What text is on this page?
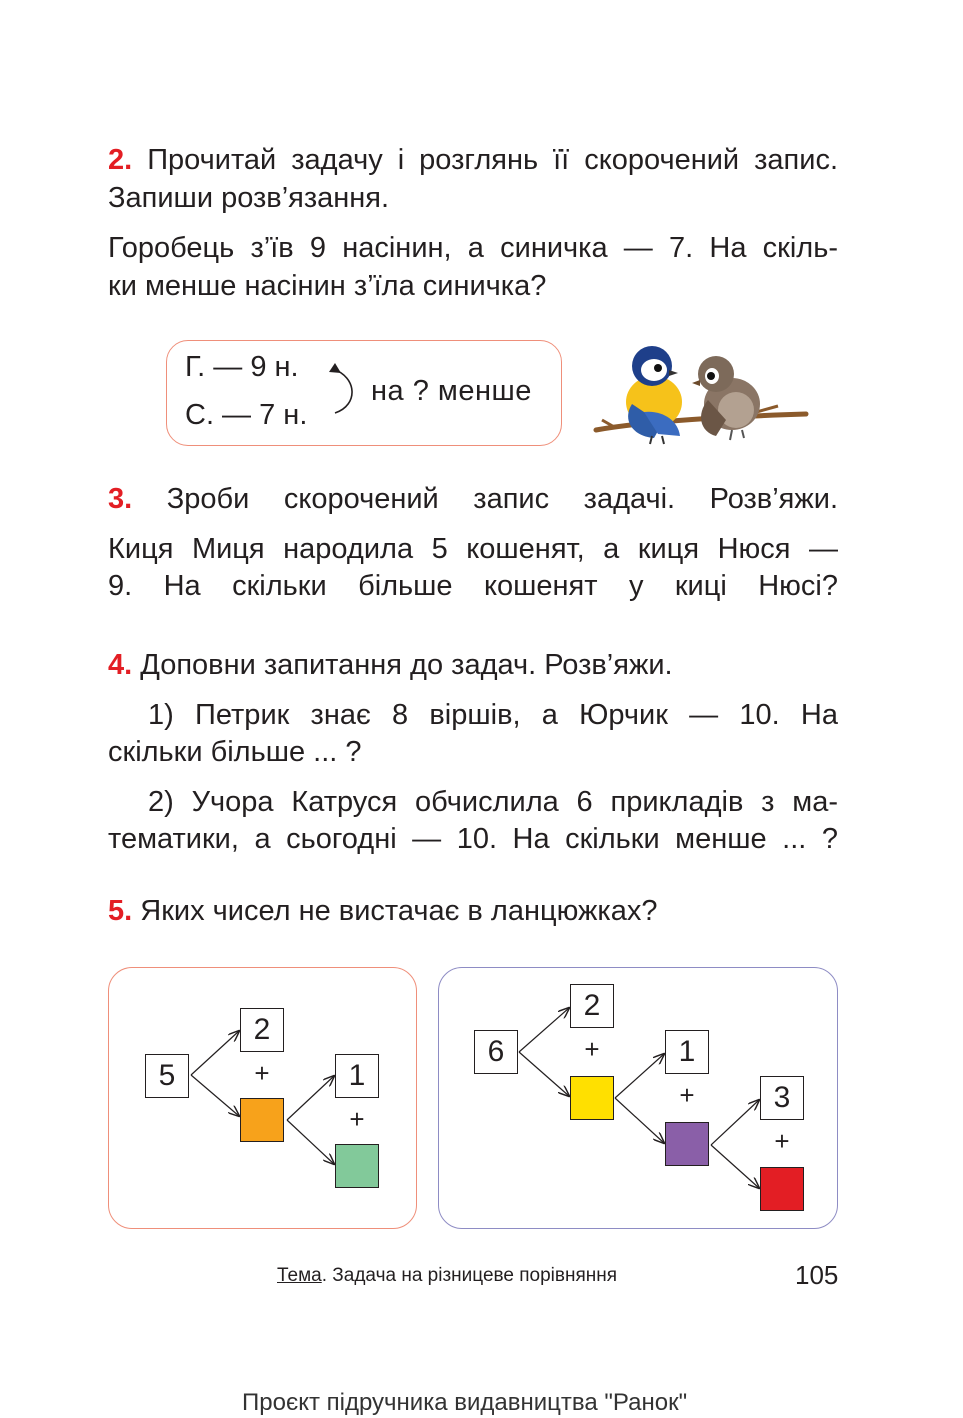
2. Прочитай задачу і розглянь її скорочений запис.
Запиши розв’язання.
Горобець з’їв 9 насінин, а синичка — 7. На скіль-
ки менше насінин з’їла синичка?
Г. — 9 н.
С. — 7 н.
на ? менше
3. Зроби скорочений запис задачі. Розв’яжи.
Киця Миця народила 5 кошенят, а киця Нюся —
9. На скільки більше кошенят у киці Нюсі?
4. Доповни запитання до задач. Розв’яжи.
1) Петрик знає 8 віршів, а Юрчик — 10. На
скільки більше ... ?
2) Учора Катруся обчислила 6 прикладів з ма-
тематики, а сьогодні — 10. На скільки менше ... ?
5. Яких чисел не вистачає в ланцюжках?
5
2
+	1
+
6
2
+	1
+	3
+
Тема. Задача на різницеве порівняння	105
Проєкт підручника видавництва "Ранок"
